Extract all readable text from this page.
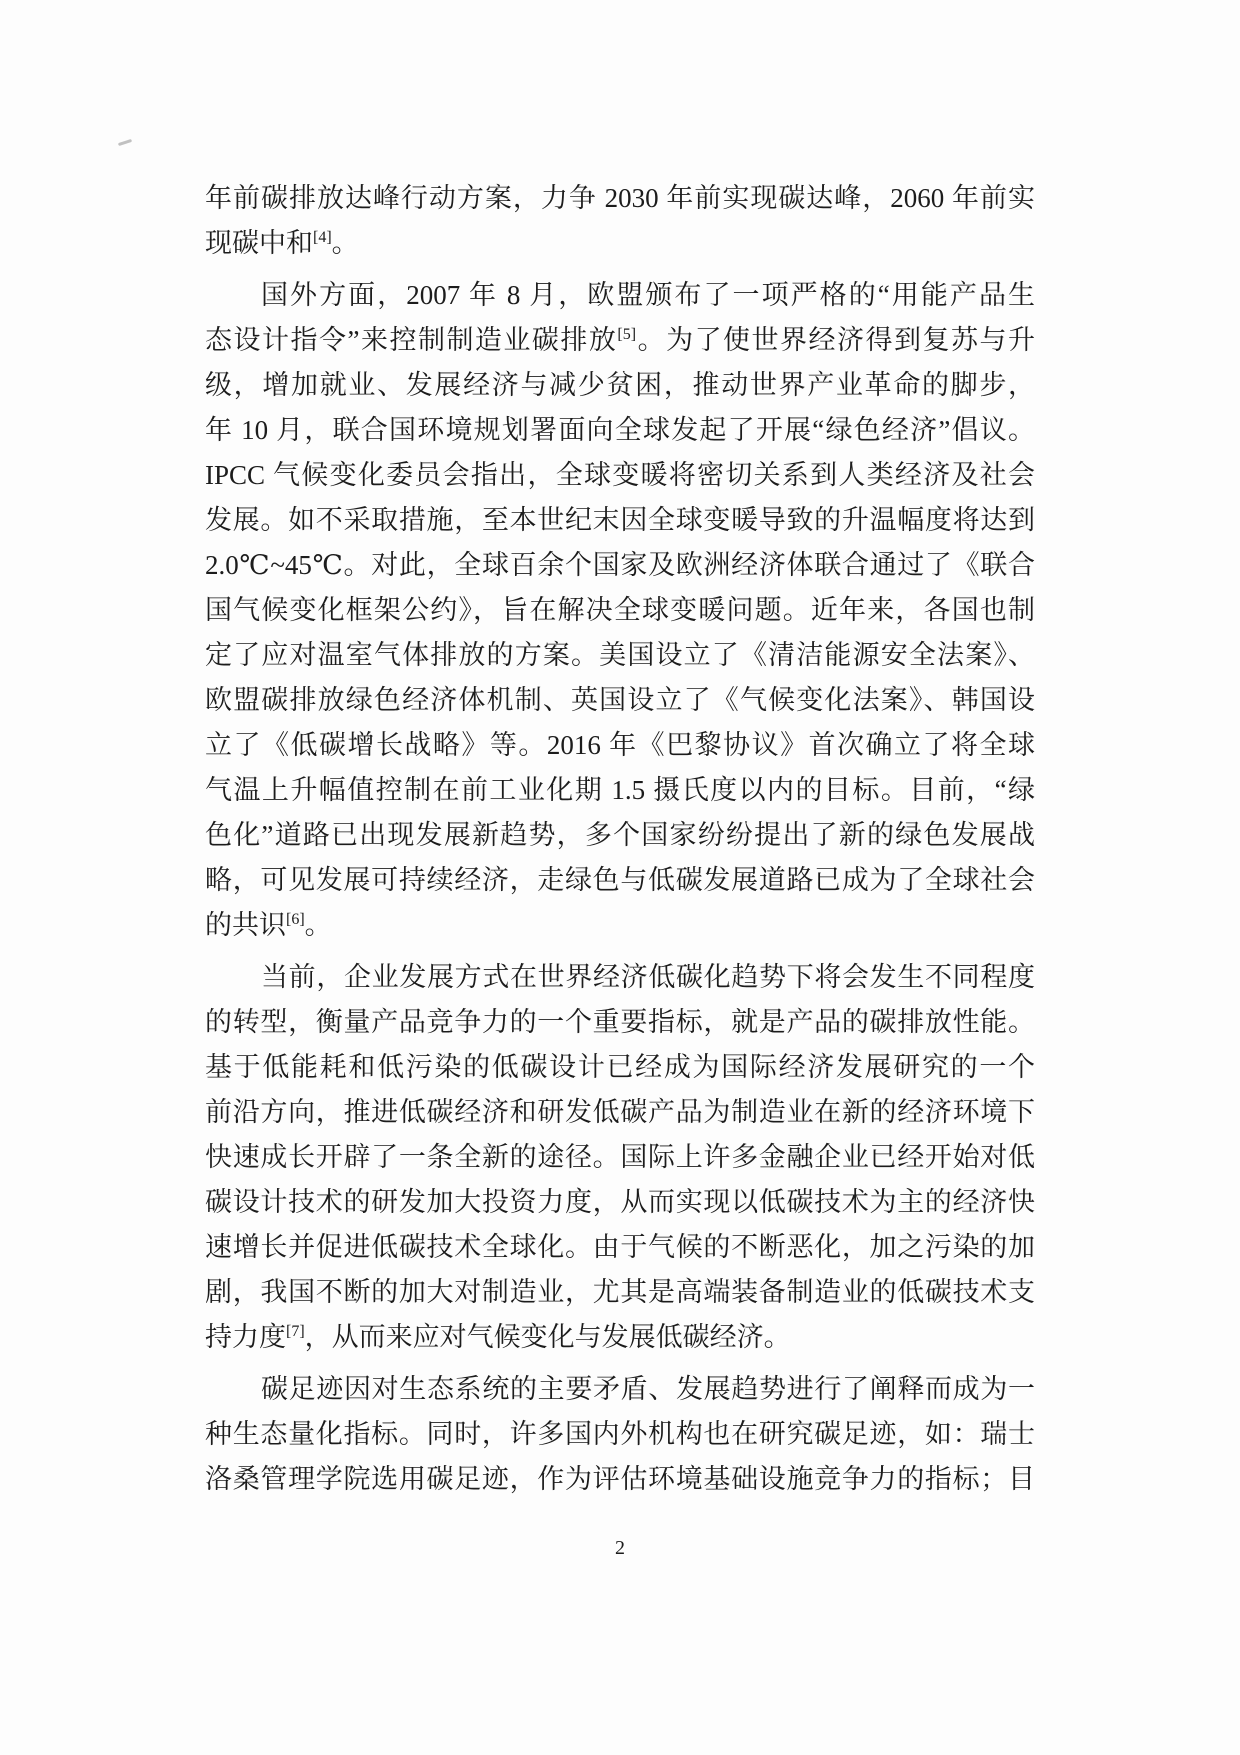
年前碳排放达峰行动方案，力争 2030 年前实现碳达峰，2060 年前实
现碳中和[4]。
国外方面，2007 年 8 月，欧盟颁布了一项严格的“用能产品生
态设计指令”来控制制造业碳排放[5]。为了使世界经济得到复苏与升
级，增加就业、发展经济与减少贫困，推动世界产业革命的脚步，
年 10 月，联合国环境规划署面向全球发起了开展“绿色经济”倡议。
IPCC 气候变化委员会指出，全球变暖将密切关系到人类经济及社会
发展。如不采取措施，至本世纪末因全球变暖导致的升温幅度将达到
2.0℃~45℃。对此，全球百余个国家及欧洲经济体联合通过了《联合
国气候变化框架公约》，旨在解决全球变暖问题。近年来，各国也制
定了应对温室气体排放的方案。美国设立了《清洁能源安全法案》、
欧盟碳排放绿色经济体机制、英国设立了《气候变化法案》、韩国设
立了《低碳增长战略》等。2016 年《巴黎协议》首次确立了将全球
气温上升幅值控制在前工业化期 1.5 摄氏度以内的目标。目前，“绿
色化”道路已出现发展新趋势，多个国家纷纷提出了新的绿色发展战
略，可见发展可持续经济，走绿色与低碳发展道路已成为了全球社会
的共识[6]。
当前，企业发展方式在世界经济低碳化趋势下将会发生不同程度
的转型，衡量产品竞争力的一个重要指标，就是产品的碳排放性能。
基于低能耗和低污染的低碳设计已经成为国际经济发展研究的一个
前沿方向，推进低碳经济和研发低碳产品为制造业在新的经济环境下
快速成长开辟了一条全新的途径。国际上许多金融企业已经开始对低
碳设计技术的研发加大投资力度，从而实现以低碳技术为主的经济快
速增长并促进低碳技术全球化。由于气候的不断恶化，加之污染的加
剧，我国不断的加大对制造业，尤其是高端装备制造业的低碳技术支
持力度[7]，从而来应对气候变化与发展低碳经济。
碳足迹因对生态系统的主要矛盾、发展趋势进行了阐释而成为一
种生态量化指标。同时，许多国内外机构也在研究碳足迹，如：瑞士
洛桑管理学院选用碳足迹，作为评估环境基础设施竞争力的指标；目
2
